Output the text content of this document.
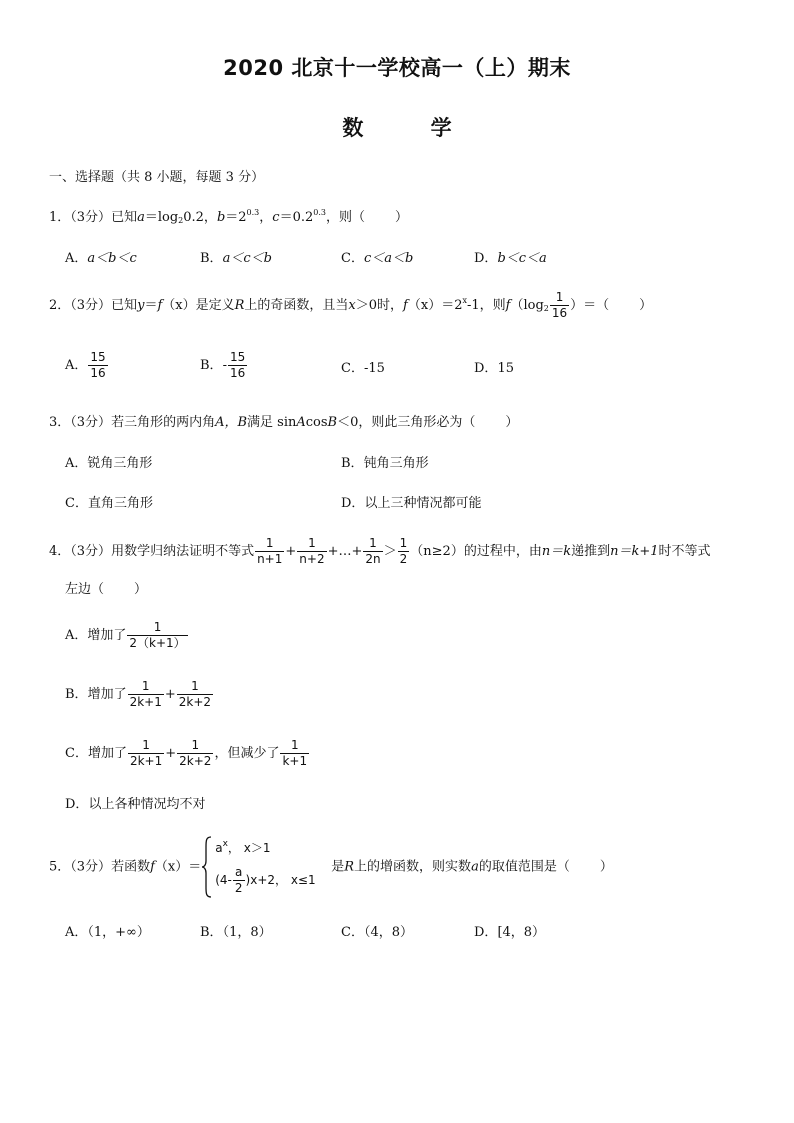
2020 北京十一学校高一（上）期末
数 学
一、选择题（共 8 小题，每题 3 分）
1．（3分）已知$a=\log_20.2$，$b=2^{0.3}$，$c=0.2^{0.3}$，则（ ）
A．a＜b＜c	B．a＜c＜b	C．c＜a＜b	D．b＜c＜a
2．（3分）已知y＝f（x）是定义R上的奇函数，且当x＞0时，$f(x)=2^x-1$，则$f(\log_2 \frac{1}{16}$ ）＝（ ）
A． $\frac{15}{16}$	B．- $\frac{15}{16}$	C．-15	D．15
3．（3分）若三角形的两内角A，B满足 sinAcosB＜0，则此三角形必为（ ）
A．锐角三角形	B．钝角三角形
C．直角三角形	D．以上三种情况都可能
4．（3分）用数学归纳法证明不等式 $\frac{1}{n+1} + \frac{1}{n+2}$ +…+ $\frac{1}{2n} > \frac{1}{2} (n\ge 2)$的过程中，由n＝k递推到n＝k+1时不等式
左边（ ）
A．增加了 $\frac{1}{2(k+1)}$
B．增加了 $\frac{1}{2k+1} + \frac{1}{2k+2}$
C．增加了 $\frac{1}{2k+1} + \frac{1}{2k+2}$ ，但减少了 $\frac{1}{k+1}$
D．以上各种情况均不对
5．（3分）若函数f（x）＝
$a^x$， x＞1
$(4- \frac{a}{2} )x+2$， x≤1
是R上的增函数，则实数a的取值范围是（ ）
A．（1，+∞）	B．（1，8）	C．（4，8）	D．[4，8）
